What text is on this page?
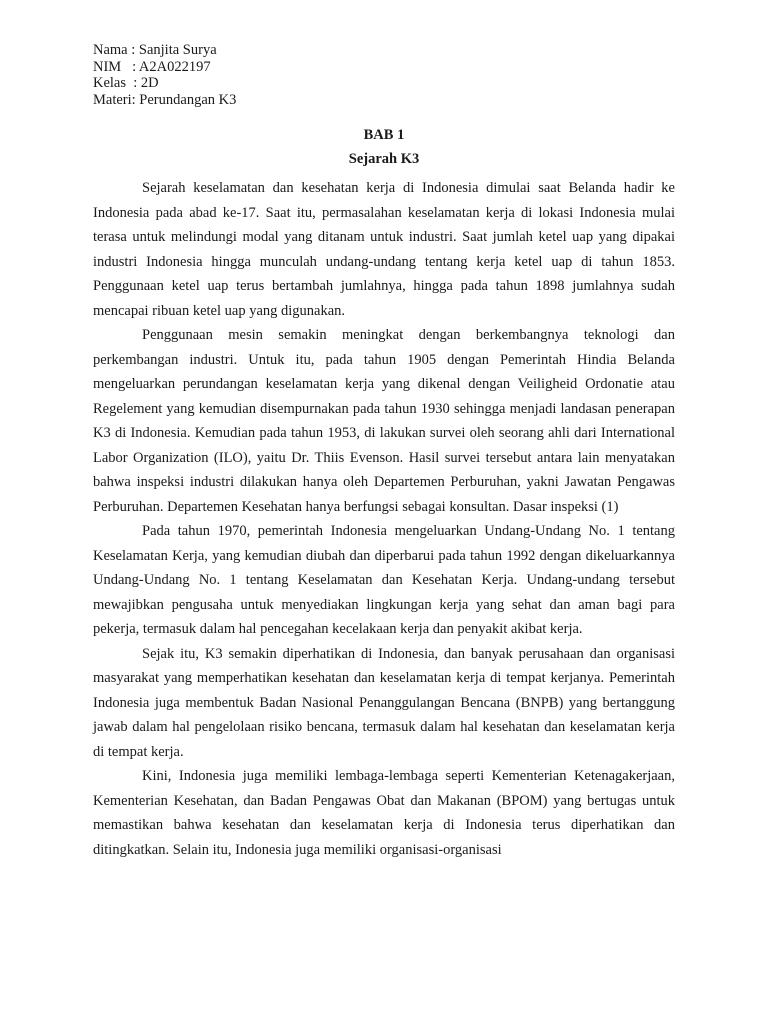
Nama : Sanjita Surya
NIM   : A2A022197
Kelas  : 2D
Materi: Perundangan K3
BAB 1
Sejarah K3

Sejarah keselamatan dan kesehatan kerja di Indonesia dimulai saat Belanda hadir ke Indonesia pada abad ke-17. Saat itu, permasalahan keselamatan kerja di lokasi Indonesia mulai terasa untuk melindungi modal yang ditanam untuk industri. Saat jumlah ketel uap yang dipakai industri Indonesia hingga munculah undang-undang tentang kerja ketel uap di tahun 1853. Penggunaan ketel uap terus bertambah jumlahnya, hingga pada tahun 1898 jumlahnya sudah mencapai ribuan ketel uap yang digunakan.

Penggunaan mesin semakin meningkat dengan berkembangnya teknologi dan perkembangan industri. Untuk itu, pada tahun 1905 dengan Pemerintah Hindia Belanda mengeluarkan perundangan keselamatan kerja yang dikenal dengan Veiligheid Ordonatie atau Regelement yang kemudian disempurnakan pada tahun 1930 sehingga menjadi landasan penerapan K3 di Indonesia. Kemudian pada tahun 1953, di lakukan survei oleh seorang ahli dari International Labor Organization (ILO), yaitu Dr. Thiis Evenson. Hasil survei tersebut antara lain menyatakan bahwa inspeksi industri dilakukan hanya oleh Departemen Perburuhan, yakni Jawatan Pengawas Perburuhan. Departemen Kesehatan hanya berfungsi sebagai konsultan. Dasar inspeksi (1)

Pada tahun 1970, pemerintah Indonesia mengeluarkan Undang-Undang No. 1 tentang Keselamatan Kerja, yang kemudian diubah dan diperbarui pada tahun 1992 dengan dikeluarkannya Undang-Undang No. 1 tentang Keselamatan dan Kesehatan Kerja. Undang-undang tersebut mewajibkan pengusaha untuk menyediakan lingkungan kerja yang sehat dan aman bagi para pekerja, termasuk dalam hal pencegahan kecelakaan kerja dan penyakit akibat kerja.

Sejak itu, K3 semakin diperhatikan di Indonesia, dan banyak perusahaan dan organisasi masyarakat yang memperhatikan kesehatan dan keselamatan kerja di tempat kerjanya. Pemerintah Indonesia juga membentuk Badan Nasional Penanggulangan Bencana (BNPB) yang bertanggung jawab dalam hal pengelolaan risiko bencana, termasuk dalam hal kesehatan dan keselamatan kerja di tempat kerja.

Kini, Indonesia juga memiliki lembaga-lembaga seperti Kementerian Ketenagakerjaan, Kementerian Kesehatan, dan Badan Pengawas Obat dan Makanan (BPOM) yang bertugas untuk memastikan bahwa kesehatan dan keselamatan kerja di Indonesia terus diperhatikan dan ditingkatkan. Selain itu, Indonesia juga memiliki organisasi-organisasi
